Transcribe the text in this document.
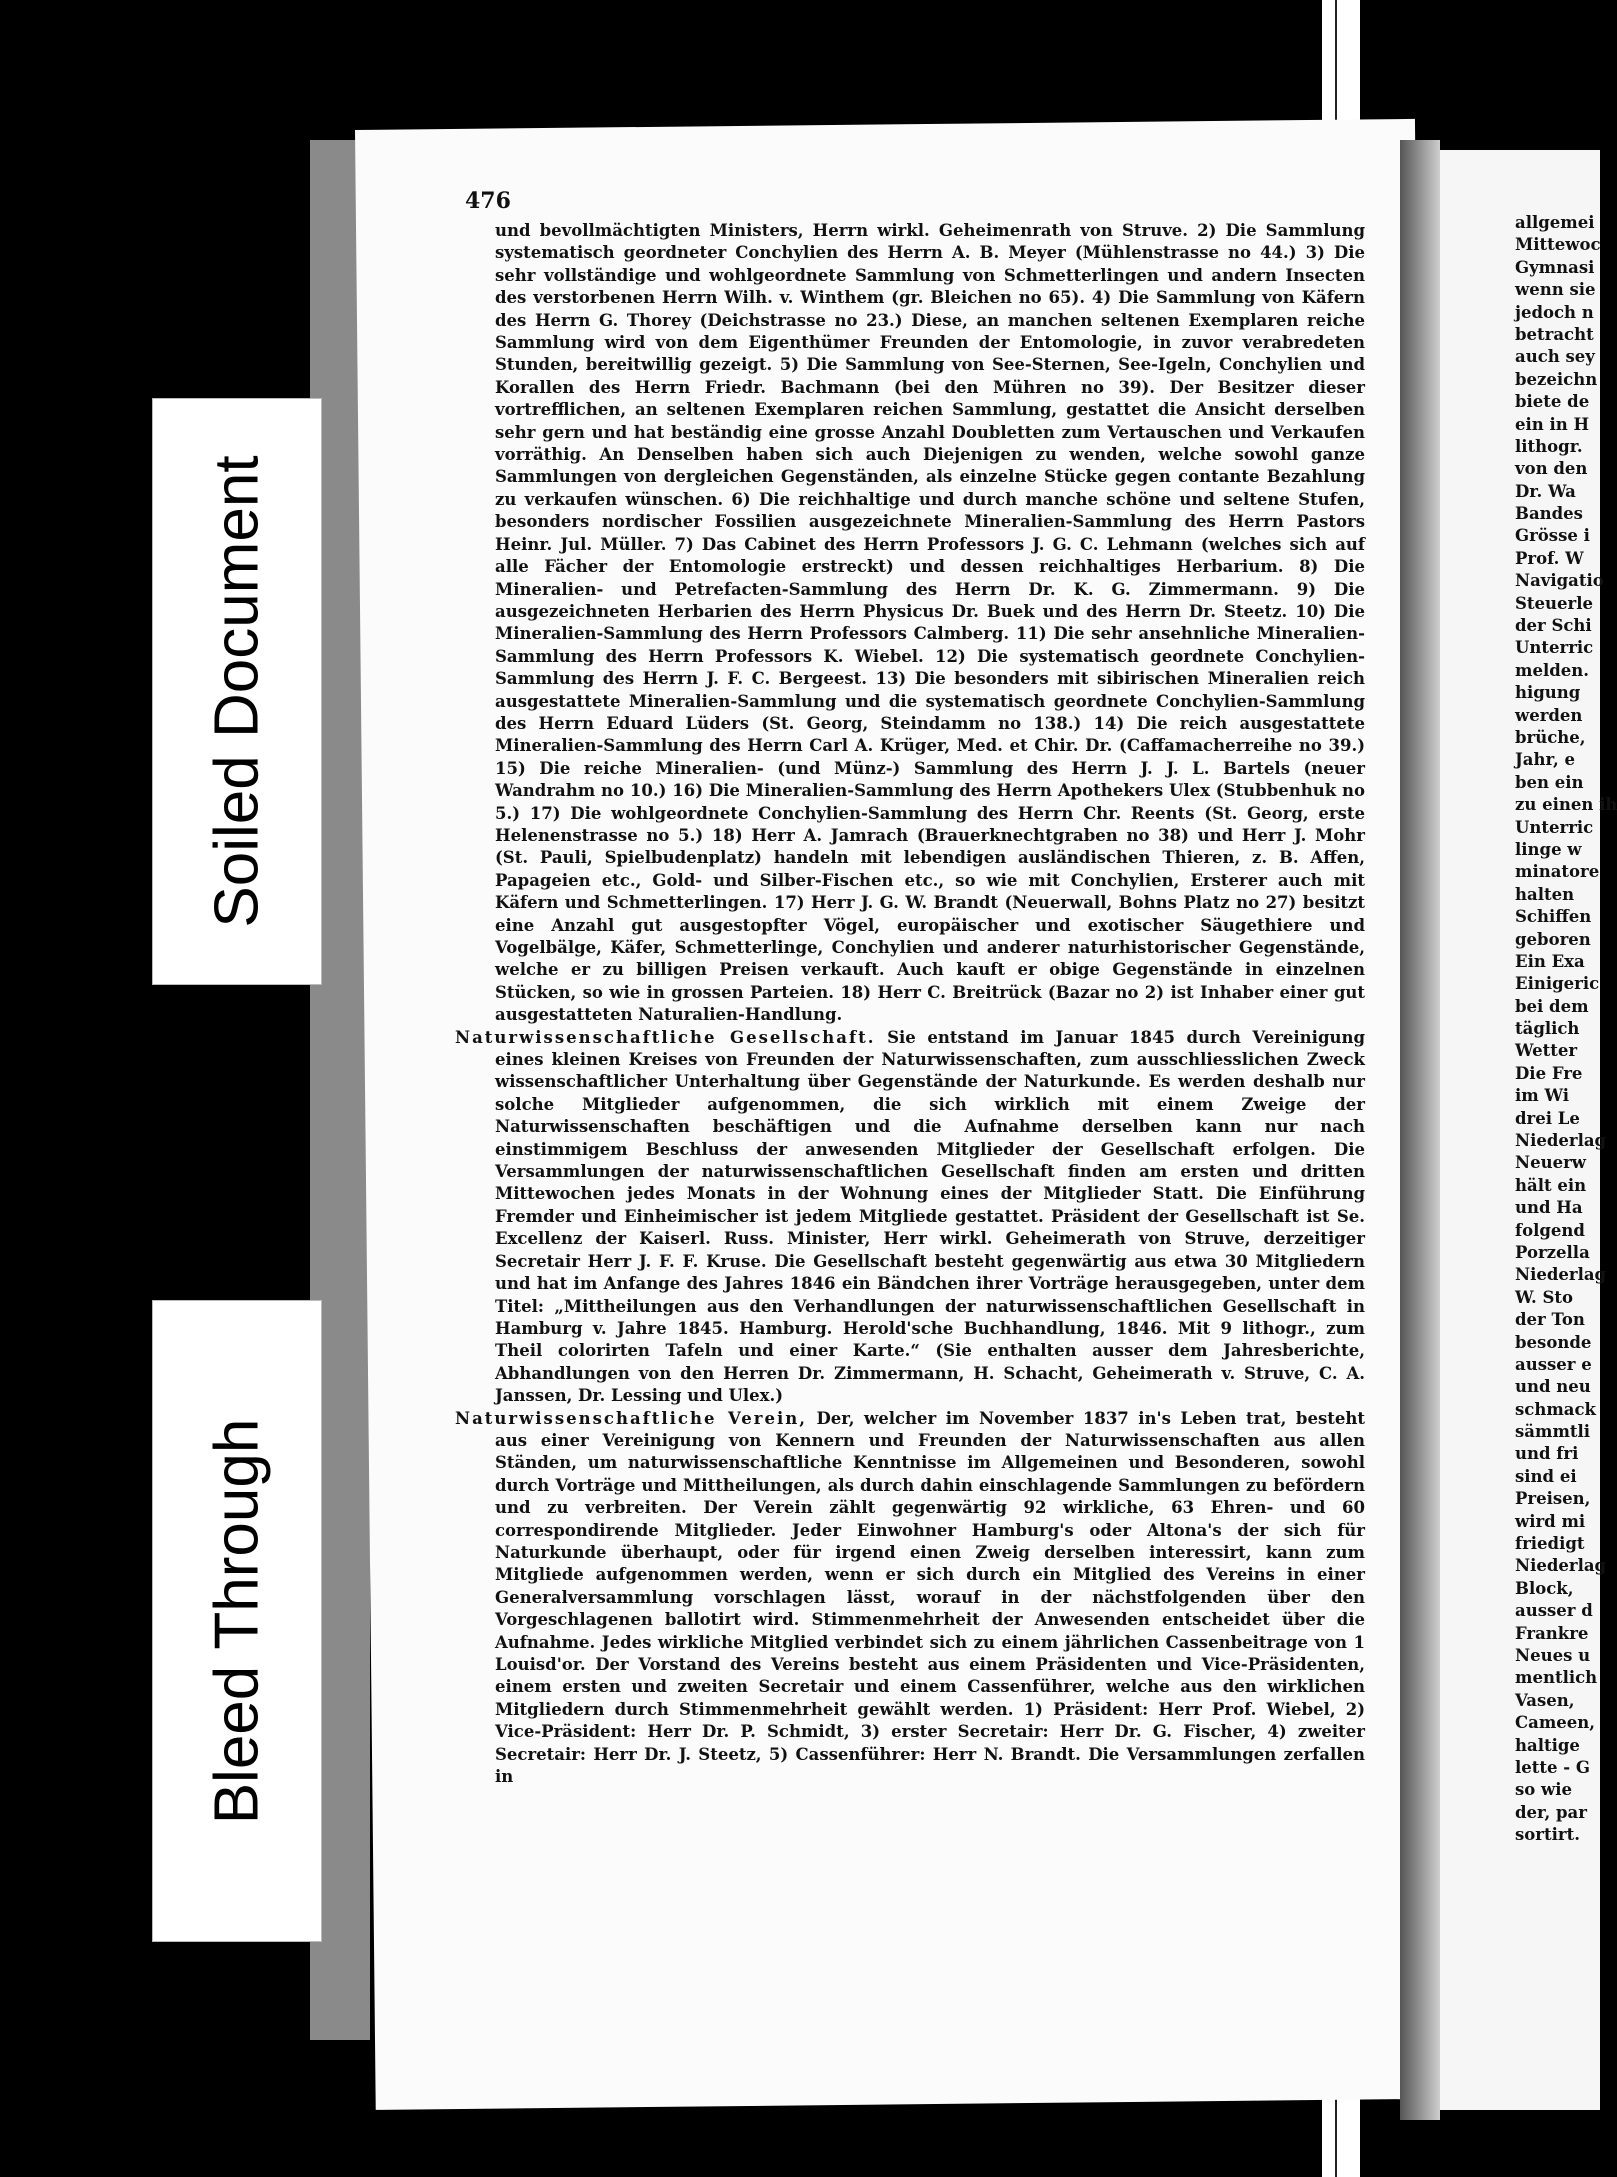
476

und bevollmächtigten Ministers, Herrn wirkl. Geheimenrath von Struve. 2) Die Sammlung systematisch geordneter Conchylien des Herrn A. B. Meyer (Mühlenstrasse no 44.) 3) Die sehr vollständige und wohlgeordnete Sammlung von Schmetterlingen und andern Insecten des verstorbenen Herrn Wilh. v. Winthem (gr. Bleichen no 65). 4) Die Sammlung von Käfern des Herrn G. Thorey (Deichstrasse no 23.) Diese, an manchen seltenen Exemplaren reiche Sammlung wird von dem Eigenthümer Freunden der Entomologie, in zuvor verabredeten Stunden, bereitwillig gezeigt. 5) Die Sammlung von See-Sternen, See-Igeln, Conchylien und Korallen des Herrn Friedr. Bachmann (bei den Mühren no 39). Der Besitzer dieser vortrefflichen, an seltenen Exemplaren reichen Sammlung, gestattet die Ansicht derselben sehr gern und hat beständig eine grosse Anzahl Doubletten zum Vertauschen und Verkaufen vorräthig. An Denselben haben sich auch Diejenigen zu wenden, welche sowohl ganze Sammlungen von dergleichen Gegenständen, als einzelne Stücke gegen contante Bezahlung zu verkaufen wünschen. 6) Die reichhaltige und durch manche schöne und seltene Stufen, besonders nordischer Fossilien ausgezeichnete Mineralien-Sammlung des Herrn Pastors Heinr. Jul. Müller. 7) Das Cabinet des Herrn Professors J. G. C. Lehmann (welches sich auf alle Fächer der Entomologie erstreckt) und dessen reichhaltiges Herbarium. 8) Die Mineralien- und Petrefacten-Sammlung des Herrn Dr. K. G. Zimmermann. 9) Die ausgezeichneten Herbarien des Herrn Physicus Dr. Buek und des Herrn Dr. Steetz. 10) Die Mineralien-Sammlung des Herrn Professors Calmberg. 11) Die sehr ansehnliche Mineralien-Sammlung des Herrn Professors K. Wiebel. 12) Die systematisch geordnete Conchylien-Sammlung des Herrn J. F. C. Bergeest. 13) Die besonders mit sibirischen Mineralien reich ausgestattete Mineralien-Sammlung und die systematisch geordnete Conchylien-Sammlung des Herrn Eduard Lüders (St. Georg, Steindamm no 138.) 14) Die reich ausgestattete Mineralien-Sammlung des Herrn Carl A. Krüger, Med. et Chir. Dr. (Caffamacherreihe no 39.) 15) Die reiche Mineralien- (und Münz-) Sammlung des Herrn J. J. L. Bartels (neuer Wandrahm no 10.) 16) Die Mineralien-Sammlung des Herrn Apothekers Ulex (Stubbenhuk no 5.) 17) Die wohlgeordnete Conchylien-Sammlung des Herrn Chr. Reents (St. Georg, erste Helenenstrasse no 5.) 18) Herr A. Jamrach (Brauerknechtgraben no 38) und Herr J. Mohr (St. Pauli, Spielbudenplatz) handeln mit lebendigen ausländischen Thieren, z. B. Affen, Papageien etc., Gold- und Silber-Fischen etc., so wie mit Conchylien, Ersterer auch mit Käfern und Schmetterlingen. 17) Herr J. G. W. Brandt (Neuerwall, Bohns Platz no 27) besitzt eine Anzahl gut ausgestopfter Vögel, europäischer und exotischer Säugethiere und Vogelbälge, Käfer, Schmetterlinge, Conchylien und anderer naturhistorischer Gegenstände, welche er zu billigen Preisen verkauft. Auch kauft er obige Gegenstände in einzelnen Stücken, so wie in grossen Parteien. 18) Herr C. Breitrück (Bazar no 2) ist Inhaber einer gut ausgestatteten Naturalien-Handlung.

Naturwissenschaftliche Gesellschaft. Sie entstand im Januar 1845 durch Vereinigung eines kleinen Kreises von Freunden der Naturwissenschaften, zum ausschliesslichen Zweck wissenschaftlicher Unterhaltung über Gegenstände der Naturkunde. Es werden deshalb nur solche Mitglieder aufgenommen, die sich wirklich mit einem Zweige der Naturwissenschaften beschäftigen und die Aufnahme derselben kann nur nach einstimmigem Beschluss der anwesenden Mitglieder der Gesellschaft erfolgen. Die Versammlungen der naturwissenschaftlichen Gesellschaft finden am ersten und dritten Mittewochen jedes Monats in der Wohnung eines der Mitglieder Statt. Die Einführung Fremder und Einheimischer ist jedem Mitgliede gestattet. Präsident der Gesellschaft ist Se. Excellenz der Kaiserl. Russ. Minister, Herr wirkl. Geheimerath von Struve, derzeitiger Secretair Herr J. F. F. Kruse. Die Gesellschaft besteht gegenwärtig aus etwa 30 Mitgliedern und hat im Anfange des Jahres 1846 ein Bändchen ihrer Vorträge herausgegeben, unter dem Titel: „Mittheilungen aus den Verhandlungen der naturwissenschaftlichen Gesellschaft in Hamburg v. Jahre 1845. Hamburg. Herold'sche Buchhandlung, 1846. Mit 9 lithogr., zum Theil colorirten Tafeln und einer Karte.“ (Sie enthalten ausser dem Jahresberichte, Abhandlungen von den Herren Dr. Zimmermann, H. Schacht, Geheimerath v. Struve, C. A. Janssen, Dr. Lessing und Ulex.)

Naturwissenschaftliche Verein, Der, welcher im November 1837 in's Leben trat, besteht aus einer Vereinigung von Kennern und Freunden der Naturwissenschaften aus allen Ständen, um naturwissenschaftliche Kenntnisse im Allgemeinen und Besonderen, sowohl durch Vorträge und Mittheilungen, als durch dahin einschlagende Sammlungen zu befördern und zu verbreiten. Der Verein zählt gegenwärtig 92 wirkliche, 63 Ehren- und 60 correspondirende Mitglieder. Jeder Einwohner Hamburg's oder Altona's der sich für Naturkunde überhaupt, oder für irgend einen Zweig derselben interessirt, kann zum Mitgliede aufgenommen werden, wenn er sich durch ein Mitglied des Vereins in einer Generalversammlung vorschlagen lässt, worauf in der nächstfolgenden über den Vorgeschlagenen ballotirt wird. Stimmenmehrheit der Anwesenden entscheidet über die Aufnahme. Jedes wirkliche Mitglied verbindet sich zu einem jährlichen Cassenbeitrage von 1 Louisd'or. Der Vorstand des Vereins besteht aus einem Präsidenten und Vice-Präsidenten, einem ersten und zweiten Secretair und einem Cassenführer, welche aus den wirklichen Mitgliedern durch Stimmenmehrheit gewählt werden. 1) Präsident: Herr Prof. Wiebel, 2) Vice-Präsident: Herr Dr. P. Schmidt, 3) erster Secretair: Herr Dr. G. Fischer, 4) zweiter Secretair: Herr Dr. J. Steetz, 5) Cassenführer: Herr N. Brandt. Die Versammlungen zerfallen in

allgemei
Mittewoc
Gymnasi
wenn sie
jedoch n
betracht
auch sey
bezeichn
biete de
ein in H
lithogr.
von den
Dr. Wa
Bandes
Grösse i
Prof. W
Navigatio
Steuerle
der Schi
Unterric
melden.
higung
werden
brüche,
Jahr, e
ben ein
zu einen ih
Unterric
linge w
minatore
halten
Schiffen
geboren
Ein Exa
Einigeric
bei dem
täglich
Wetter
Die Fre
im Wi
drei Le
Niederlag
Neuerw
hält ein
und Ha
folgend
Porzella
Niederlag
W. Sto
der Ton
besonde
ausser e
und neu
schmack
sämmtli
und fri
sind ei
Preisen,
wird mi
friedigt
Niederlag
Block,
ausser d
Frankre
Neues u
mentlich
Vasen,
Cameen,
haltige
lette - G
so wie
der, par
sortirt.
Soiled Document
Bleed Through
